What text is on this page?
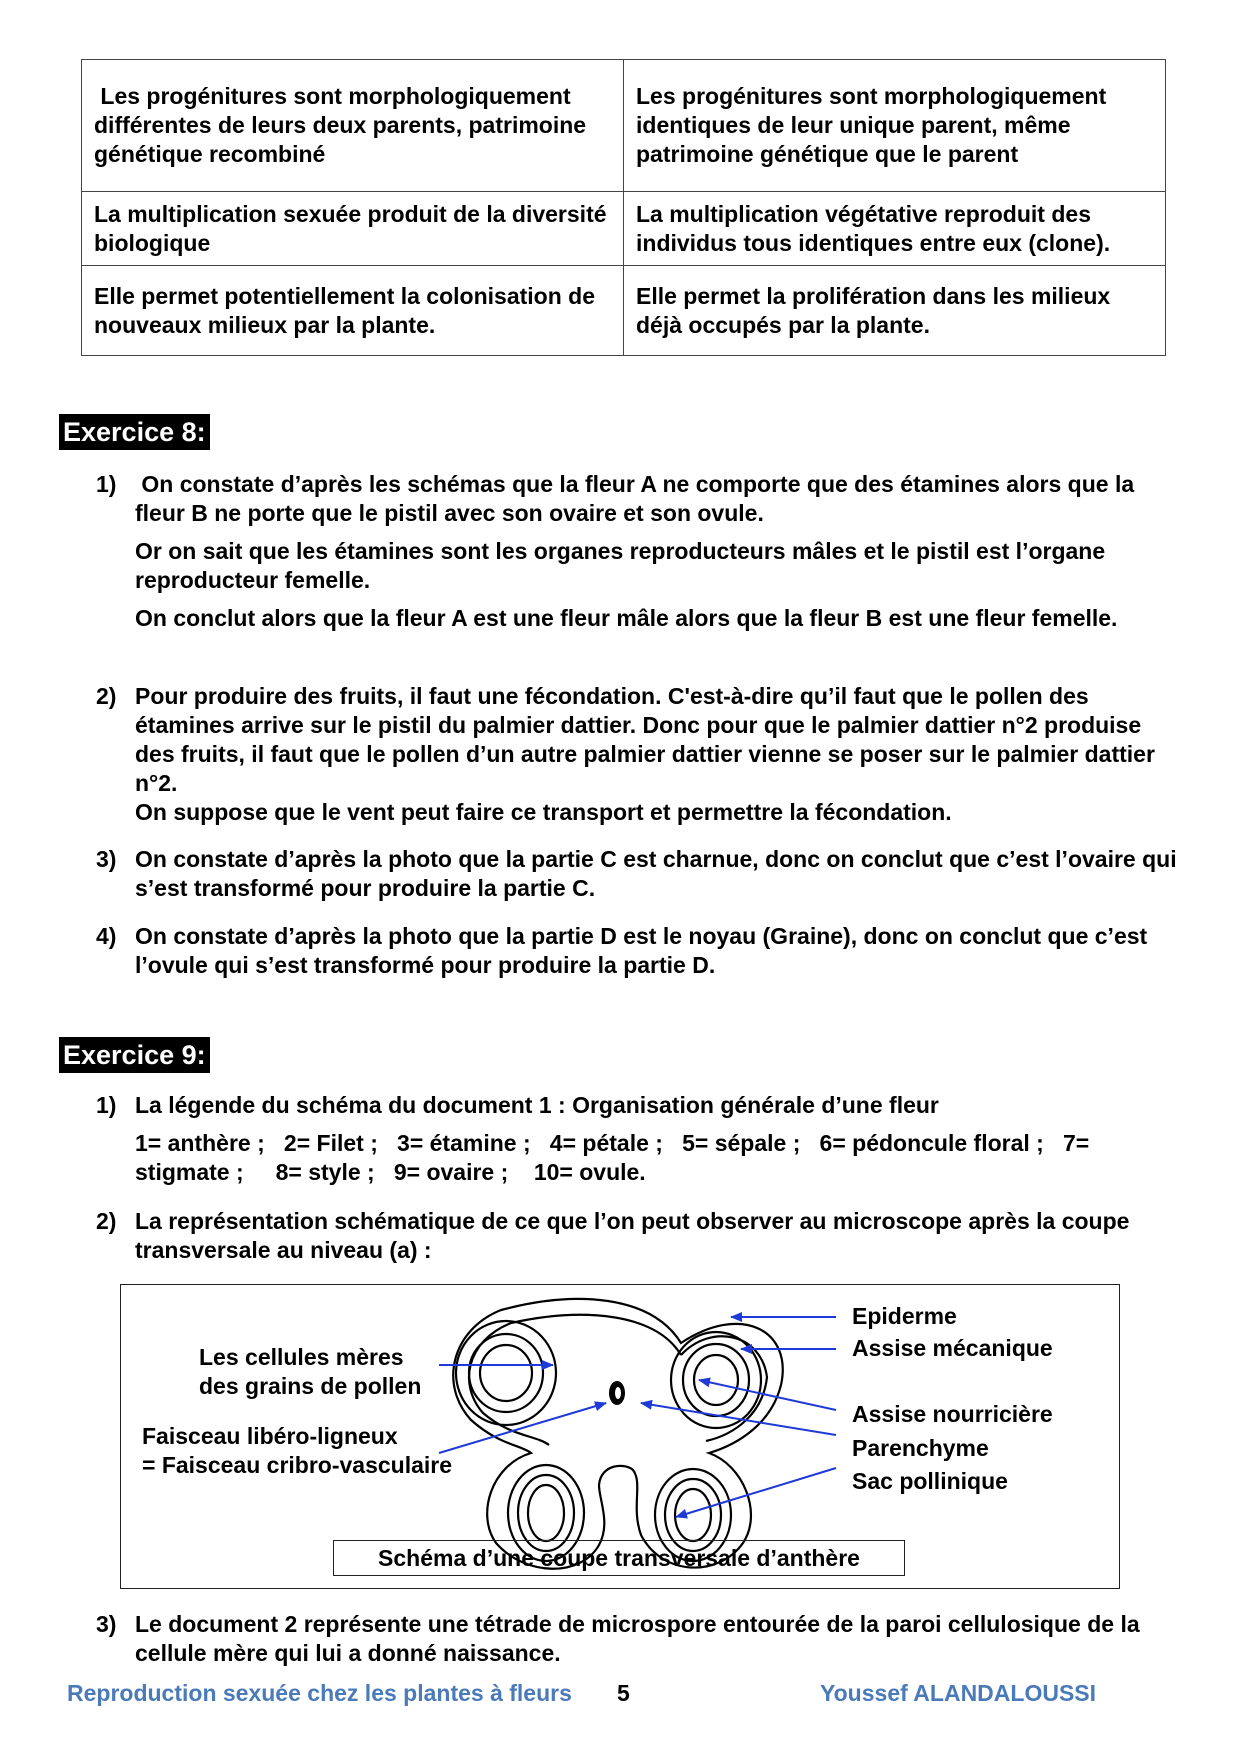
Les progénitures sont morphologiquement différentes de leurs deux parents, patrimoine génétique recombiné	Les progénitures sont morphologiquement identiques de leur unique parent, même patrimoine génétique que le parent
La multiplication sexuée produit de la diversité biologique	La multiplication végétative reproduit des individus tous identiques entre eux (clone).
Elle permet potentiellement la colonisation de nouveaux milieux par la plante.	Elle permet la prolifération dans les milieux déjà occupés par la plante.
Exercice 8:
1) On constate d’après les schémas que la fleur A ne comporte que des étamines alors que la fleur B ne porte que le pistil avec son ovaire et son ovule.

Or on sait que les étamines sont les organes reproducteurs mâles et le pistil est l’organe reproducteur femelle.

On conclut alors que la fleur A est une fleur mâle alors que la fleur B est une fleur femelle.

2) Pour produire des fruits, il faut une fécondation. C'est-à-dire qu’il faut que le pollen des étamines arrive sur le pistil du palmier dattier. Donc pour que le palmier dattier n°2 produise des fruits, il faut que le pollen d’un autre palmier dattier vienne se poser sur le palmier dattier n°2.

On suppose que le vent peut faire ce transport et permettre la fécondation.

3) On constate d’après la photo que la partie C est charnue, donc on conclut que c’est l’ovaire qui s’est transformé pour produire la partie C.

4) On constate d’après la photo que la partie D est le noyau (Graine), donc on conclut que c’est l’ovule qui s’est transformé pour produire la partie D.

Exercice 9:
1) La légende du schéma du document 1 : Organisation générale d’une fleur

1= anthère ;   2= Filet ;   3= étamine ;   4= pétale ;   5= sépale ;   6= pédoncule floral ;   7= stigmate ;     8= style ;   9= ovaire ;    10= ovule.

2) La représentation schématique de ce que l’on peut observer au microscope après la coupe transversale au niveau (a) :

Les cellules mères
des grains de pollen
Faisceau libéro-ligneux
= Faisceau cribro-vasculaire
Epiderme
Assise mécanique
Assise nourricière
Parenchyme
Sac pollinique
Schéma d’une coupe transversale d’anthère
3) Le document 2 représente une tétrade de microspore entourée de la paroi cellulosique de la cellule mère qui lui a donné naissance.

Reproduction sexuée chez les plantes à fleurs 5	Youssef ALANDALOUSSI
